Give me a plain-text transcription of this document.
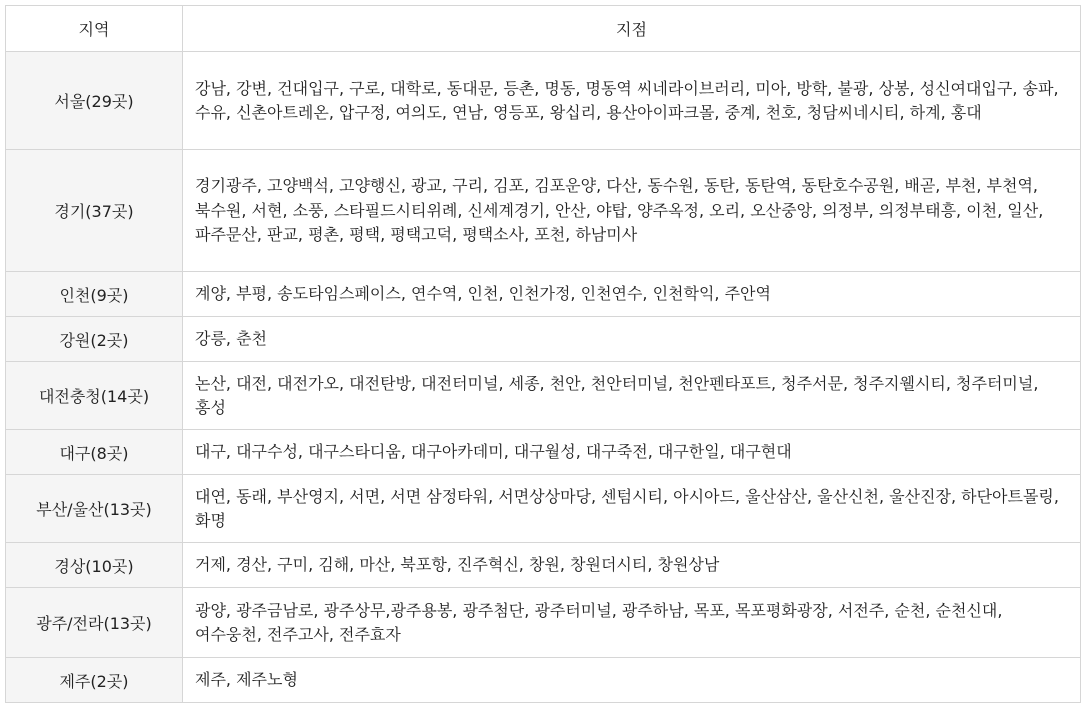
지역	지점
서울(29곳)	강남, 강변, 건대입구, 구로, 대학로, 동대문, 등촌, 명동, 명동역 씨네라이브러리, 미아, 방학, 불광, 상봉, 성신여대입구, 송파, 수유, 신촌아트레온, 압구정, 여의도, 연남, 영등포, 왕십리, 용산아이파크몰, 중계, 천호, 청담씨네시티, 하계, 홍대
경기(37곳)	경기광주, 고양백석, 고양행신, 광교, 구리, 김포, 김포운양, 다산, 동수원, 동탄, 동탄역, 동탄호수공원, 배곧, 부천, 부천역, 북수원, 서현, 소풍, 스타필드시티위례, 신세계경기, 안산, 야탑, 양주옥정, 오리, 오산중앙, 의정부, 의정부태흥, 이천, 일산, 파주문산, 판교, 평촌, 평택, 평택고덕, 평택소사, 포천, 하남미사
인천(9곳)	계양, 부평, 송도타임스페이스, 연수역, 인천, 인천가정, 인천연수, 인천학익, 주안역
강원(2곳)	강릉, 춘천
대전충청(14곳)	논산, 대전, 대전가오, 대전탄방, 대전터미널, 세종, 천안, 천안터미널, 천안펜타포트, 청주서문, 청주지웰시티, 청주터미널, 홍성
대구(8곳)	대구, 대구수성, 대구스타디움, 대구아카데미, 대구월성, 대구죽전, 대구한일, 대구현대
부산/울산(13곳)	대연, 동래, 부산영지, 서면, 서면 삼정타워, 서면상상마당, 센텀시티, 아시아드, 울산삼산, 울산신천, 울산진장, 하단아트몰링, 화명
경상(10곳)	거제, 경산, 구미, 김해, 마산, 북포항, 진주혁신, 창원, 창원더시티, 창원상남
광주/전라(13곳)	광양, 광주금남로, 광주상무,광주용봉, 광주첨단, 광주터미널, 광주하남, 목포, 목포평화광장, 서전주, 순천, 순천신대, 여수웅천, 전주고사, 전주효자
제주(2곳)	제주, 제주노형
